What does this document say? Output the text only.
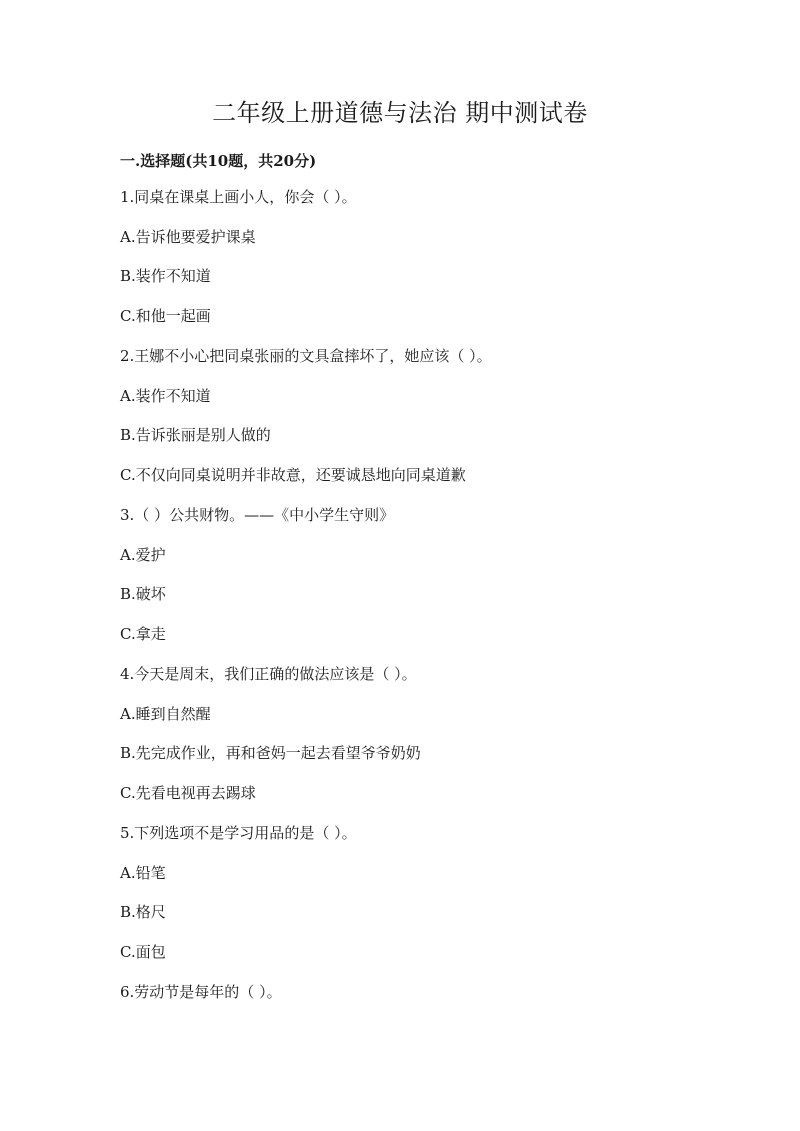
二年级上册道德与法治 期中测试卷
一.选择题(共10题，共20分)
1.同桌在课桌上画小人，你会（ ）。
A.告诉他要爱护课桌
B.装作不知道
C.和他一起画
2.王娜不小心把同桌张丽的文具盒摔坏了，她应该（ ）。
A.装作不知道
B.告诉张丽是别人做的
C.不仅向同桌说明并非故意，还要诚恳地向同桌道歉
3.（ ）公共财物。——《中小学生守则》
A.爱护
B.破坏
C.拿走
4.今天是周末，我们正确的做法应该是（ ）。
A.睡到自然醒
B.先完成作业，再和爸妈一起去看望爷爷奶奶
C.先看电视再去踢球
5.下列选项不是学习用品的是（ ）。
A.铅笔
B.格尺
C.面包
6.劳动节是每年的（ ）。
